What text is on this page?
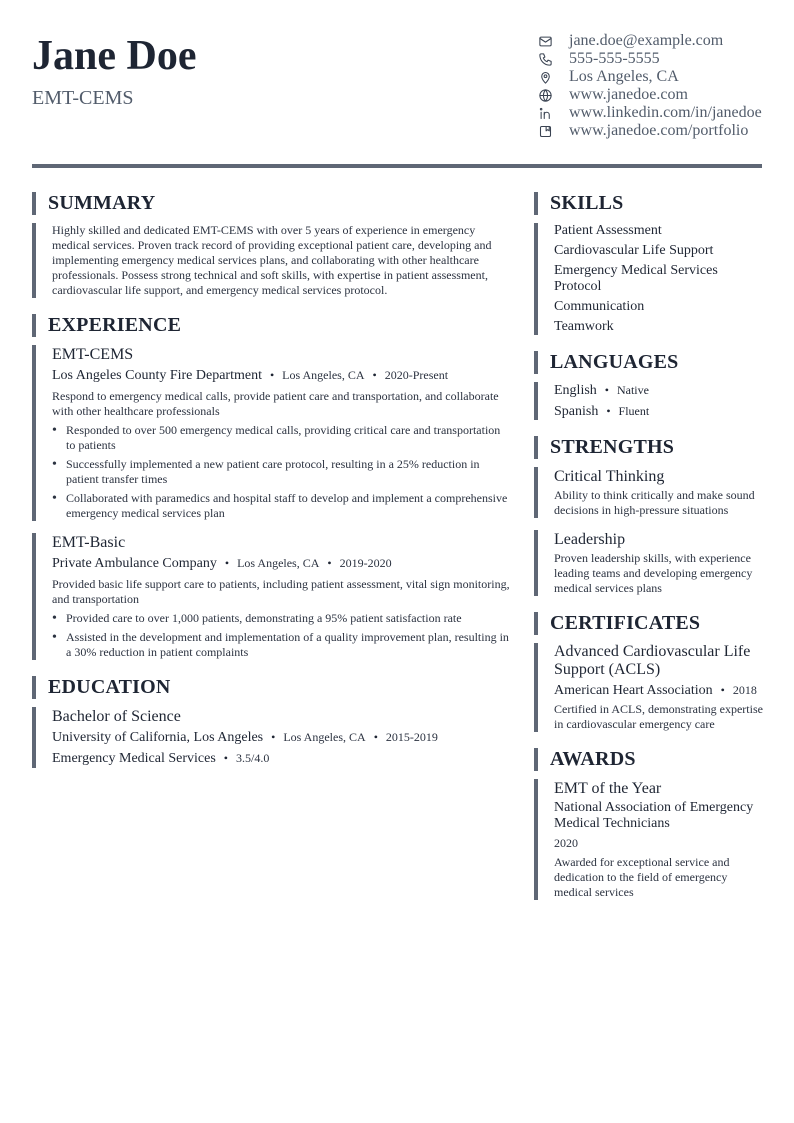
Jane Doe
EMT-CEMS
jane.doe@example.com
555-555-5555
Los Angeles, CA
www.janedoe.com
www.linkedin.com/in/janedoe
www.janedoe.com/portfolio
SUMMARY
Highly skilled and dedicated EMT-CEMS with over 5 years of experience in emergency medical services. Proven track record of providing exceptional patient care, developing and implementing emergency medical services plans, and collaborating with other healthcare professionals. Possess strong technical and soft skills, with expertise in patient assessment, cardiovascular life support, and emergency medical services protocol.
EXPERIENCE
EMT-CEMS
Los Angeles County Fire Department • Los Angeles, CA • 2020-Present
Respond to emergency medical calls, provide patient care and transportation, and collaborate with other healthcare professionals
• Responded to over 500 emergency medical calls, providing critical care and transportation to patients
• Successfully implemented a new patient care protocol, resulting in a 25% reduction in patient transfer times
• Collaborated with paramedics and hospital staff to develop and implement a comprehensive emergency medical services plan
EMT-Basic
Private Ambulance Company • Los Angeles, CA • 2019-2020
Provided basic life support care to patients, including patient assessment, vital sign monitoring, and transportation
• Provided care to over 1,000 patients, demonstrating a 95% patient satisfaction rate
• Assisted in the development and implementation of a quality improvement plan, resulting in a 30% reduction in patient complaints
EDUCATION
Bachelor of Science
University of California, Los Angeles • Los Angeles, CA • 2015-2019
Emergency Medical Services • 3.5/4.0
SKILLS
Patient Assessment
Cardiovascular Life Support
Emergency Medical Services Protocol
Communication
Teamwork
LANGUAGES
English • Native
Spanish • Fluent
STRENGTHS
Critical Thinking
Ability to think critically and make sound decisions in high-pressure situations
Leadership
Proven leadership skills, with experience leading teams and developing emergency medical services plans
CERTIFICATES
Advanced Cardiovascular Life Support (ACLS)
American Heart Association • 2018
Certified in ACLS, demonstrating expertise in cardiovascular emergency care
AWARDS
EMT of the Year
National Association of Emergency Medical Technicians
2020
Awarded for exceptional service and dedication to the field of emergency medical services
